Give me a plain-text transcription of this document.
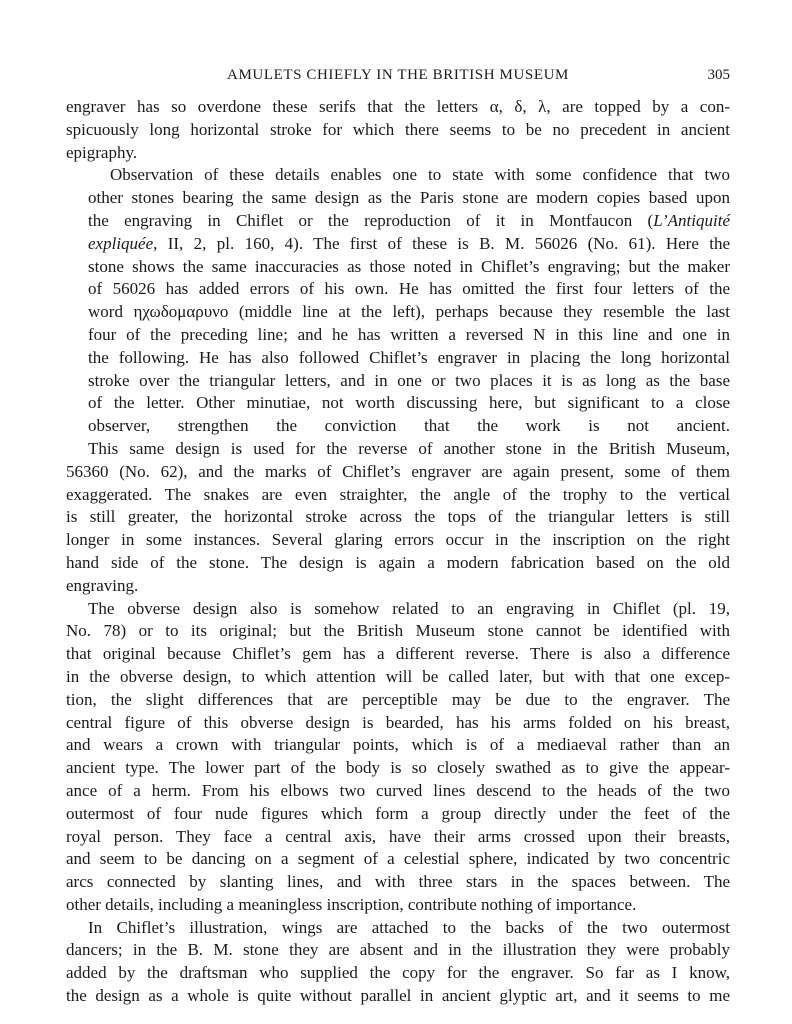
AMULETS CHIEFLY IN THE BRITISH MUSEUM	305

engraver has so overdone these serifs that the letters α, δ, λ, are topped by a con-
spicuously long horizontal stroke for which there seems to be no precedent in ancient
epigraphy.

Observation of these details enables one to state with some confidence that two
other stones bearing the same design as the Paris stone are modern copies based upon
the engraving in Chiflet or the reproduction of it in Montfaucon (L’Antiquité
expliquée, II, 2, pl. 160, 4). The first of these is B. M. 56026 (No. 61). Here the
stone shows the same inaccuracies as those noted in Chiflet’s engraving; but the maker
of 56026 has added errors of his own. He has omitted the first four letters of the
word ηχωδομαρυνο (middle line at the left), perhaps because they resemble the last
four of the preceding line; and he has written a reversed N in this line and one in
the following. He has also followed Chiflet’s engraver in placing the long horizontal
stroke over the triangular letters, and in one or two places it is as long as the base
of the letter. Other minutiae, not worth discussing here, but significant to a close
observer, strengthen the conviction that the work is not ancient.

This same design is used for the reverse of another stone in the British Museum,
56360 (No. 62), and the marks of Chiflet’s engraver are again present, some of them
exaggerated. The snakes are even straighter, the angle of the trophy to the vertical
is still greater, the horizontal stroke across the tops of the triangular letters is still
longer in some instances. Several glaring errors occur in the inscription on the right
hand side of the stone. The design is again a modern fabrication based on the old
engraving.

The obverse design also is somehow related to an engraving in Chiflet (pl. 19,
No. 78) or to its original; but the British Museum stone cannot be identified with
that original because Chiflet’s gem has a different reverse. There is also a difference
in the obverse design, to which attention will be called later, but with that one excep-
tion, the slight differences that are perceptible may be due to the engraver. The
central figure of this obverse design is bearded, has his arms folded on his breast,
and wears a crown with triangular points, which is of a mediaeval rather than an
ancient type. The lower part of the body is so closely swathed as to give the appear-
ance of a herm. From his elbows two curved lines descend to the heads of the two
outermost of four nude figures which form a group directly under the feet of the
royal person. They face a central axis, have their arms crossed upon their breasts,
and seem to be dancing on a segment of a celestial sphere, indicated by two concentric
arcs connected by slanting lines, and with three stars in the spaces between. The
other details, including a meaningless inscription, contribute nothing of importance.

In Chiflet’s illustration, wings are attached to the backs of the two outermost
dancers; in the B. M. stone they are absent and in the illustration they were probably
added by the draftsman who supplied the copy for the engraver. So far as I know,
the design as a whole is quite without parallel in ancient glyptic art, and it seems to me
